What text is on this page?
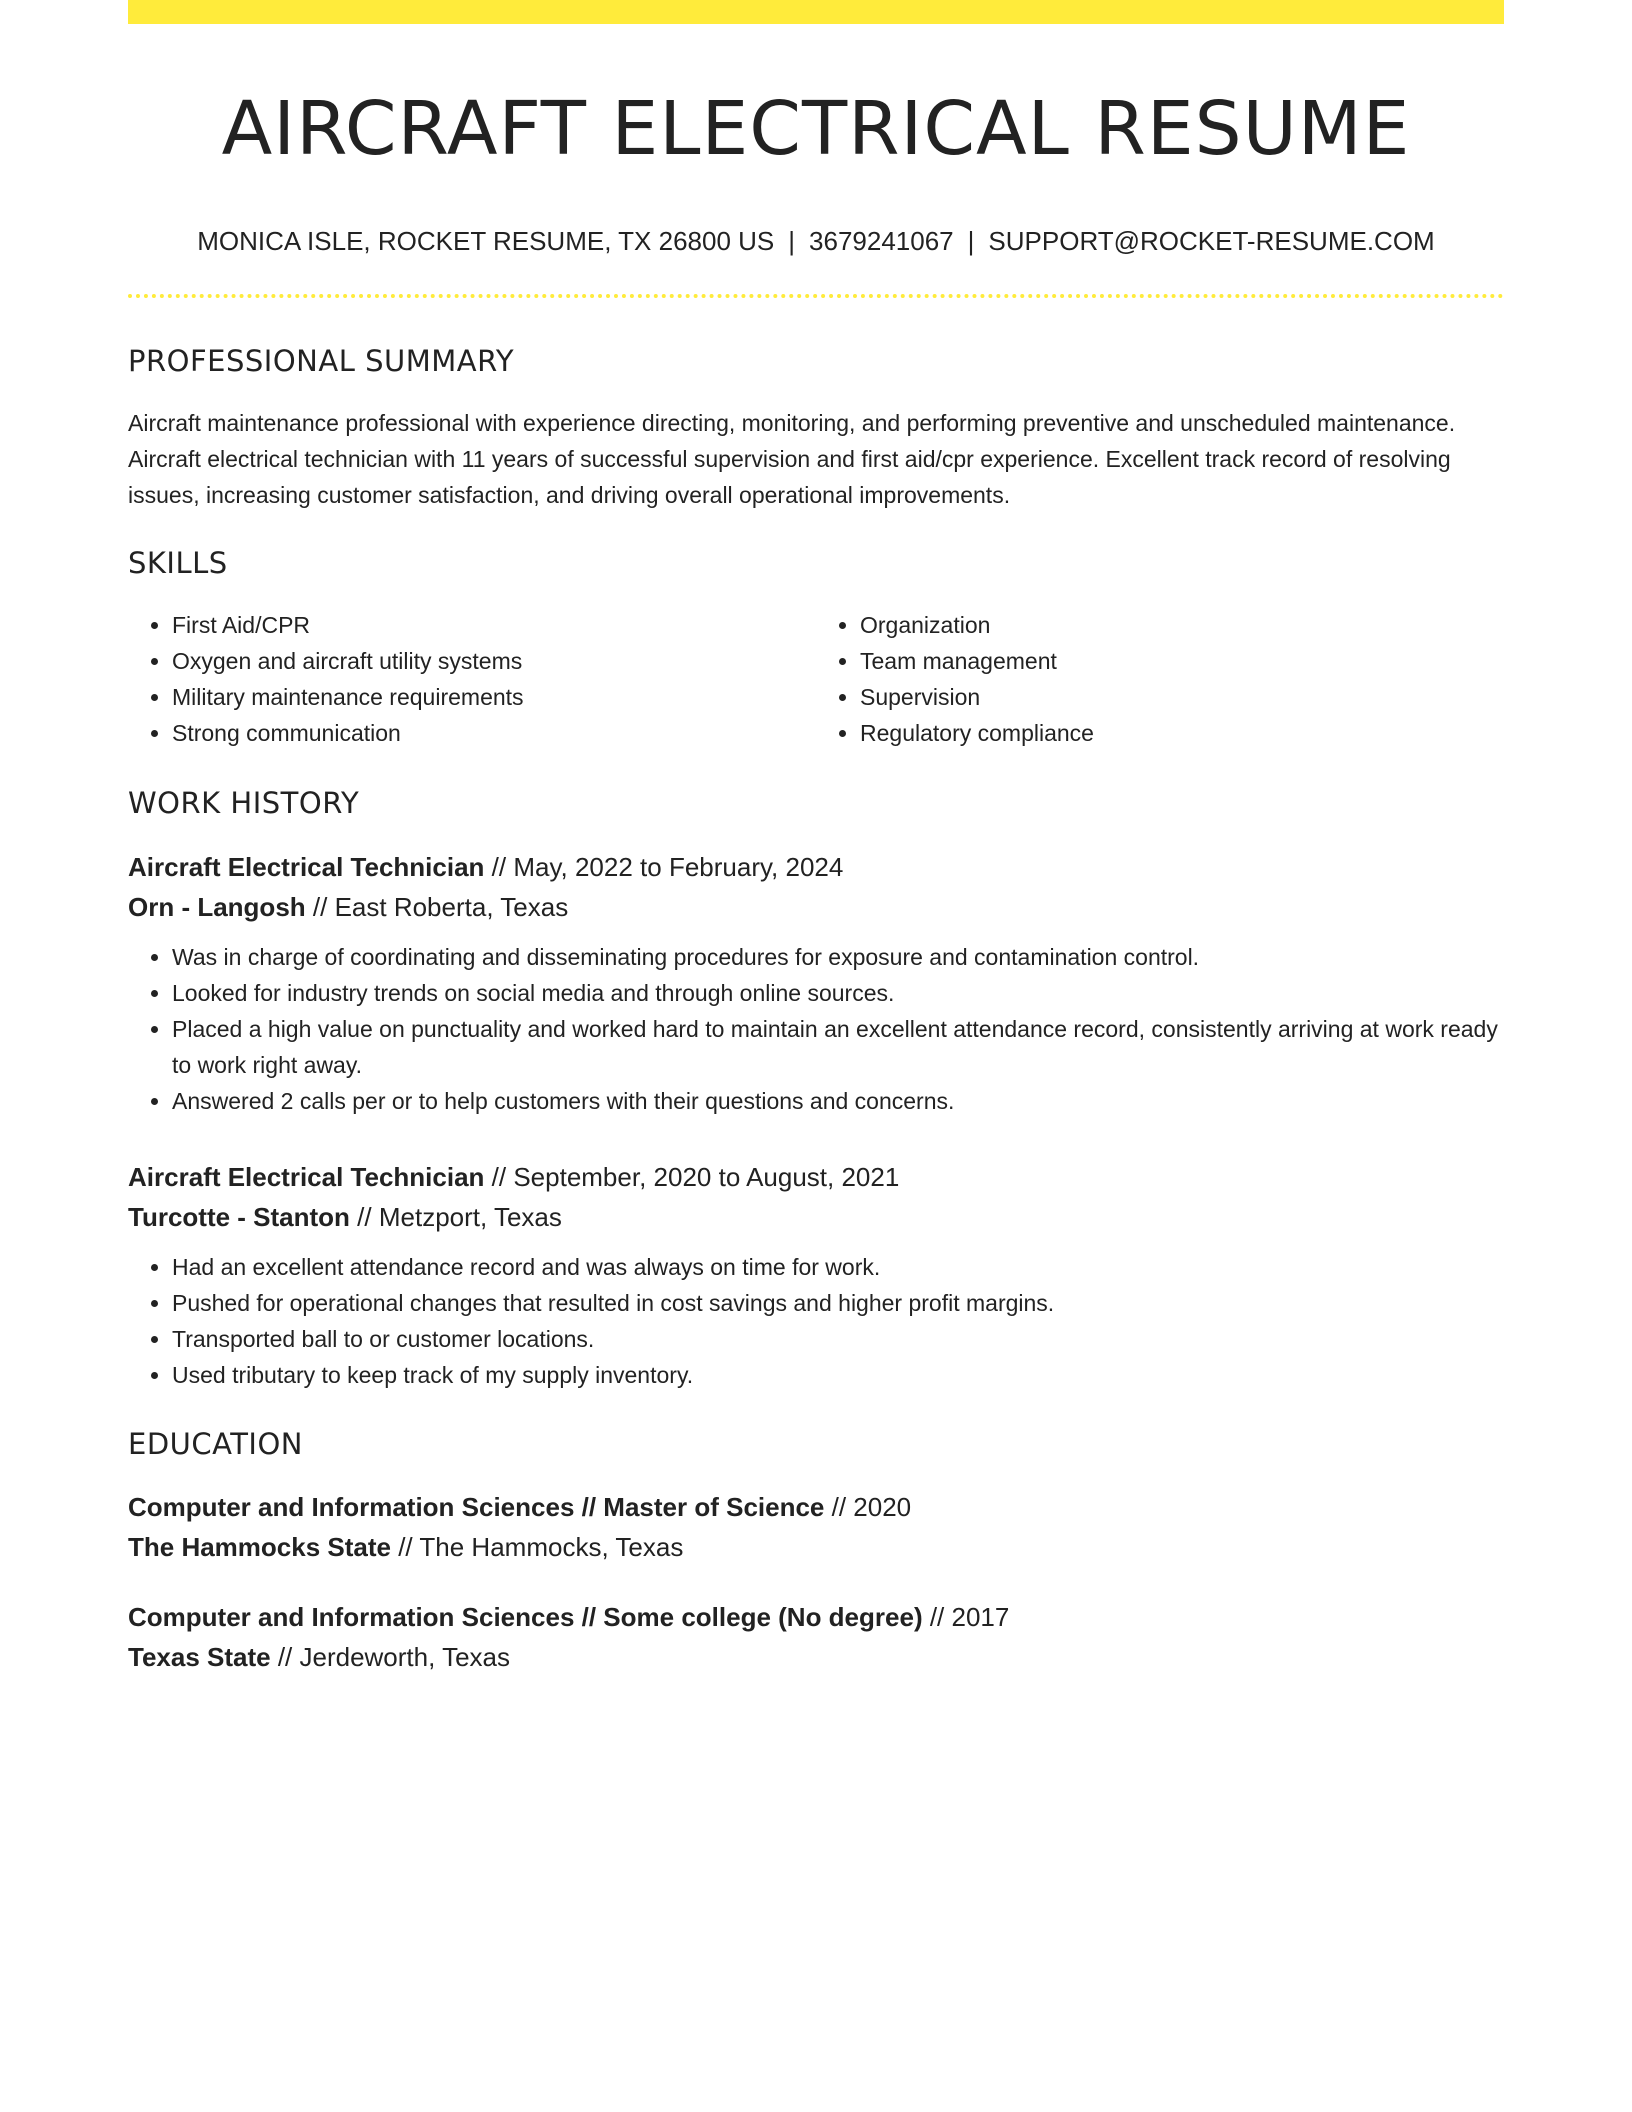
AIRCRAFT ELECTRICAL RESUME
MONICA ISLE, ROCKET RESUME, TX 26800 US | 3679241067 | SUPPORT@ROCKET-RESUME.COM
PROFESSIONAL SUMMARY

Aircraft maintenance professional with experience directing, monitoring, and performing preventive and unscheduled maintenance. Aircraft electrical technician with 11 years of successful supervision and first aid/cpr experience. Excellent track record of resolving issues, increasing customer satisfaction, and driving overall operational improvements.

SKILLS
• First Aid/CPR
• Oxygen and aircraft utility systems
• Military maintenance requirements
• Strong communication
• Organization
• Team management
• Supervision
• Regulatory compliance
WORK HISTORY
Aircraft Electrical Technician // May, 2022 to February, 2024
Orn - Langosh // East Roberta, Texas
• Was in charge of coordinating and disseminating procedures for exposure and contamination control.
• Looked for industry trends on social media and through online sources.
• Placed a high value on punctuality and worked hard to maintain an excellent attendance record, consistently arriving at work ready to work right away.
• Answered 2 calls per or to help customers with their questions and concerns.
Aircraft Electrical Technician // September, 2020 to August, 2021
Turcotte - Stanton // Metzport, Texas
• Had an excellent attendance record and was always on time for work.
• Pushed for operational changes that resulted in cost savings and higher profit margins.
• Transported ball to or customer locations.
• Used tributary to keep track of my supply inventory.
EDUCATION
Computer and Information Sciences // Master of Science // 2020
The Hammocks State // The Hammocks, Texas
Computer and Information Sciences // Some college (No degree) // 2017
Texas State // Jerdeworth, Texas
